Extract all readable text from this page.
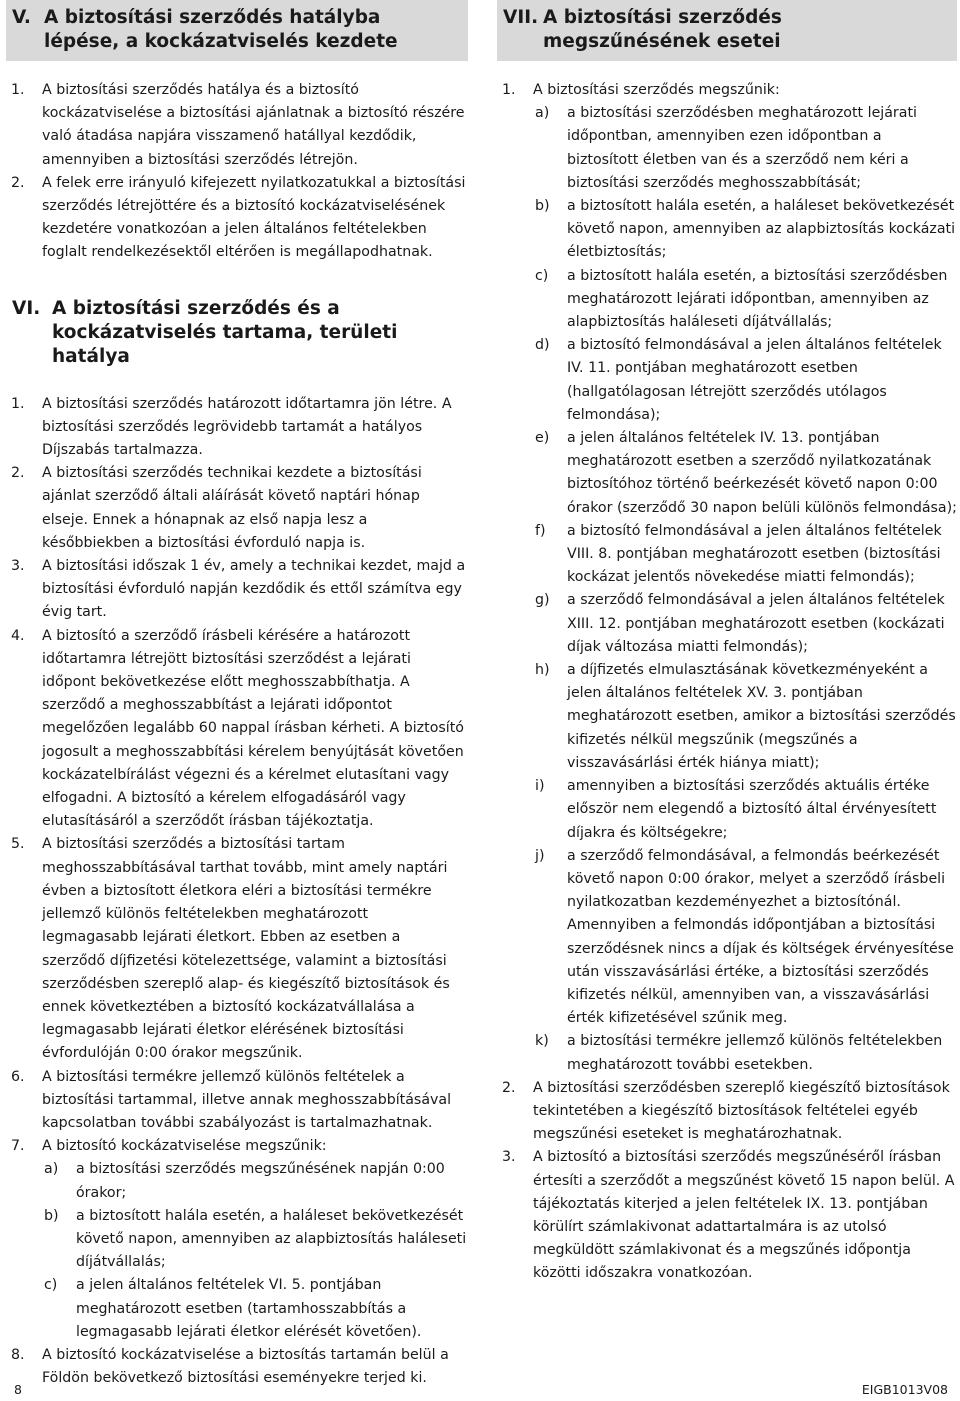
V. A biztosítási szerződés hatályba lépése, a kockázatviselés kezdete
1.	A biztosítási szerződés hatálya és a biztosító kockázatviselése a biztosítási ajánlatnak a biztosító részére való átadása napjára visszamenő hatállyal kezdődik, amennyiben a biztosítási szerződés létrejön.
2.	A felek erre irányuló kifejezett nyilatkozatukkal a biztosítási szerződés létrejöttére és a biztosító kockázatviselésének kezdetére vonatkozóan a jelen általános feltételekben foglalt rendelkezésektől eltérően is megállapodhatnak.
VI. A biztosítási szerződés és a kockázatviselés tartama, területi hatálya
1.	A biztosítási szerződés határozott időtartamra jön létre. A biztosítási szerződés legrövidebb tartamát a hatályos Díjszabás tartalmazza.
2.	A biztosítási szerződés technikai kezdete a biztosítási ajánlat szerződő általi aláírását követő naptári hónap elseje. Ennek a hónapnak az első napja lesz a későbbiekben a biztosítási évforduló napja is.
3.	A biztosítási időszak 1 év, amely a technikai kezdet, majd a biztosítási évforduló napján kezdődik és ettől számítva egy évig tart.
4.	A biztosító a szerződő írásbeli kérésére a határozott időtartamra létrejött biztosítási szerződést a lejárati időpont bekövetkezése előtt meghosszabbíthatja. A szerződő a meghosszabbítást a lejárati időpontot megelőzően legalább 60 nappal írásban kérheti. A biztosító jogosult a meghosszabbítási kérelem benyújtását követően kockázatelbírálást végezni és a kérelmet elutasítani vagy elfogadni. A biztosító a kérelem elfogadásáról vagy elutasításáról a szerződőt írásban tájékoztatja.
5.	A biztosítási szerződés a biztosítási tartam meghosszabbításával tarthat tovább, mint amely naptári évben a biztosított életkora eléri a biztosítási termékre jellemző különös feltételekben meghatározott legmagasabb lejárati életkort. Ebben az esetben a szerződő díjfizetési kötelezettsége, valamint a biztosítási szerződésben szereplő alap- és kiegészítő biztosítások és ennek következtében a biztosító kockázatvállalása a legmagasabb lejárati életkor elérésének biztosítási évfordulóján 0:00 órakor megszűnik.
6.	A biztosítási termékre jellemző különös feltételek a biztosítási tartammal, illetve annak meghosszabbításával kapcsolatban további szabályozást is tartalmazhatnak.
7.	A biztosító kockázatviselése megszűnik:
a)	a biztosítási szerződés megszűnésének napján 0:00 órakor;
b)	a biztosított halála esetén, a haláleset bekövetkezését követő napon, amennyiben az alapbiztosítás haláleseti díjátvállalás;
c)	a jelen általános feltételek VI. 5. pontjában meghatározott esetben (tartamhosszabbítás a legmagasabb lejárati életkor elérését követően).
8.	A biztosító kockázatviselése a biztosítás tartamán belül a Földön bekövetkező biztosítási eseményekre terjed ki.
VII. A biztosítási szerződés megszűnésének esetei
1.	A biztosítási szerződés megszűnik:
a)	a biztosítási szerződésben meghatározott lejárati időpontban, amennyiben ezen időpontban a biztosított életben van és a szerződő nem kéri a biztosítási szerződés meghosszabbítását;
b)	a biztosított halála esetén, a haláleset bekövetkezését követő napon, amennyiben az alapbiztosítás kockázati életbiztosítás;
c)	a biztosított halála esetén, a biztosítási szerződésben meghatározott lejárati időpontban, amennyiben az alapbiztosítás haláleseti díjátvállalás;
d)	a biztosító felmondásával a jelen általános feltételek IV. 11. pontjában meghatározott esetben (hallgatólagosan létrejött szerződés utólagos felmondása);
e)	a jelen általános feltételek IV. 13. pontjában meghatározott esetben a szerződő nyilatkozatának biztosítóhoz történő beérkezését követő napon 0:00 órakor (szerződő 30 napon belüli különös felmondása);
f)	a biztosító felmondásával a jelen általános feltételek VIII. 8. pontjában meghatározott esetben (biztosítási kockázat jelentős növekedése miatti felmondás);
g)	a szerződő felmondásával a jelen általános feltételek XIII. 12. pontjában meghatározott esetben (kockázati díjak változása miatti felmondás);
h)	a díjfizetés elmulasztásának következményeként a jelen általános feltételek XV. 3. pontjában meghatározott esetben, amikor a biztosítási szerződés kifizetés nélkül megszűnik (megszűnés a visszavásárlási érték hiánya miatt);
i)	amennyiben a biztosítási szerződés aktuális értéke először nem elegendő a biztosító által érvényesített díjakra és költségekre;
j)	a szerződő felmondásával, a felmondás beérkezését követő napon 0:00 órakor, melyet a szerződő írásbeli nyilatkozatban kezdeményezhet a biztosítónál. Amennyiben a felmondás időpontjában a biztosítási szerződésnek nincs a díjak és költségek érvényesítése után visszavásárlási értéke, a biztosítási szerződés kifizetés nélkül, amennyiben van, a visszavásárlási érték kifizetésével szűnik meg.
k)	a biztosítási termékre jellemző különös feltételekben meghatározott további esetekben.
2.	A biztosítási szerződésben szereplő kiegészítő biztosítások tekintetében a kiegészítő biztosítások feltételei egyéb megszűnési eseteket is meghatározhatnak.
3.	A biztosító a biztosítási szerződés megszűnéséről írásban értesíti a szerződőt a megszűnést követő 15 napon belül. A tájékoztatás kiterjed a jelen feltételek IX. 13. pontjában körülírt számlakivonat adattartalmára is az utolsó megküldött számlakivonat és a megszűnés időpontja közötti időszakra vonatkozóan.
8	EIGB1013V08
